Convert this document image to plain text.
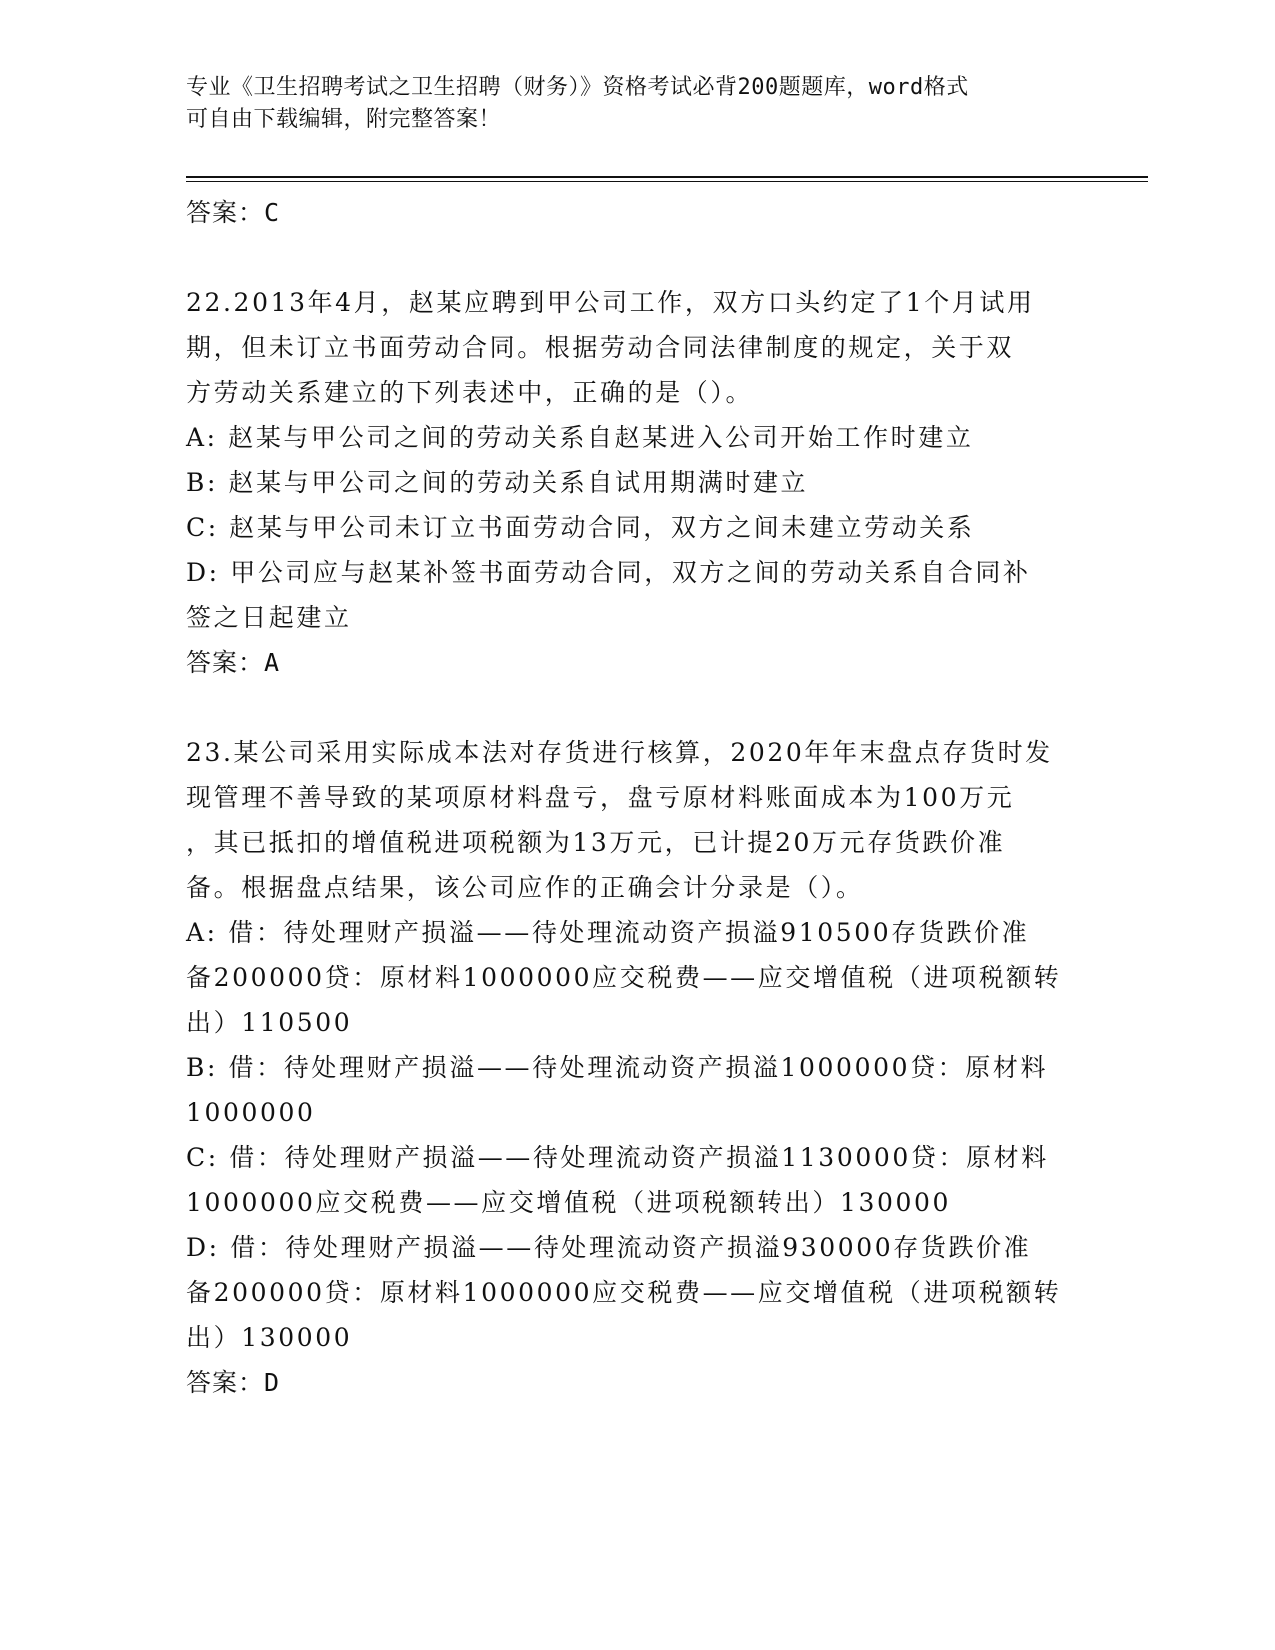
专业《卫生招聘考试之卫生招聘（财务）》资格考试必背200题题库，word格式
可自由下载编辑，附完整答案！
答案：C
22.2013年4月，赵某应聘到甲公司工作，双方口头约定了1个月试用
期，但未订立书面劳动合同。根据劳动合同法律制度的规定，关于双
方劳动关系建立的下列表述中，正确的是（）。
A: 赵某与甲公司之间的劳动关系自赵某进入公司开始工作时建立
B: 赵某与甲公司之间的劳动关系自试用期满时建立
C: 赵某与甲公司未订立书面劳动合同，双方之间未建立劳动关系
D: 甲公司应与赵某补签书面劳动合同，双方之间的劳动关系自合同补
签之日起建立
答案：A
23.某公司采用实际成本法对存货进行核算，2020年年末盘点存货时发
现管理不善导致的某项原材料盘亏，盘亏原材料账面成本为100万元
，其已抵扣的增值税进项税额为13万元，已计提20万元存货跌价准
备。根据盘点结果，该公司应作的正确会计分录是（）。
A: 借：待处理财产损溢——待处理流动资产损溢910500存货跌价准
备200000贷：原材料1000000应交税费——应交增值税（进项税额转
出）110500
B: 借：待处理财产损溢——待处理流动资产损溢1000000贷：原材料
1000000
C: 借：待处理财产损溢——待处理流动资产损溢1130000贷：原材料
1000000应交税费——应交增值税（进项税额转出）130000
D: 借：待处理财产损溢——待处理流动资产损溢930000存货跌价准
备200000贷：原材料1000000应交税费——应交增值税（进项税额转
出）130000
答案：D
